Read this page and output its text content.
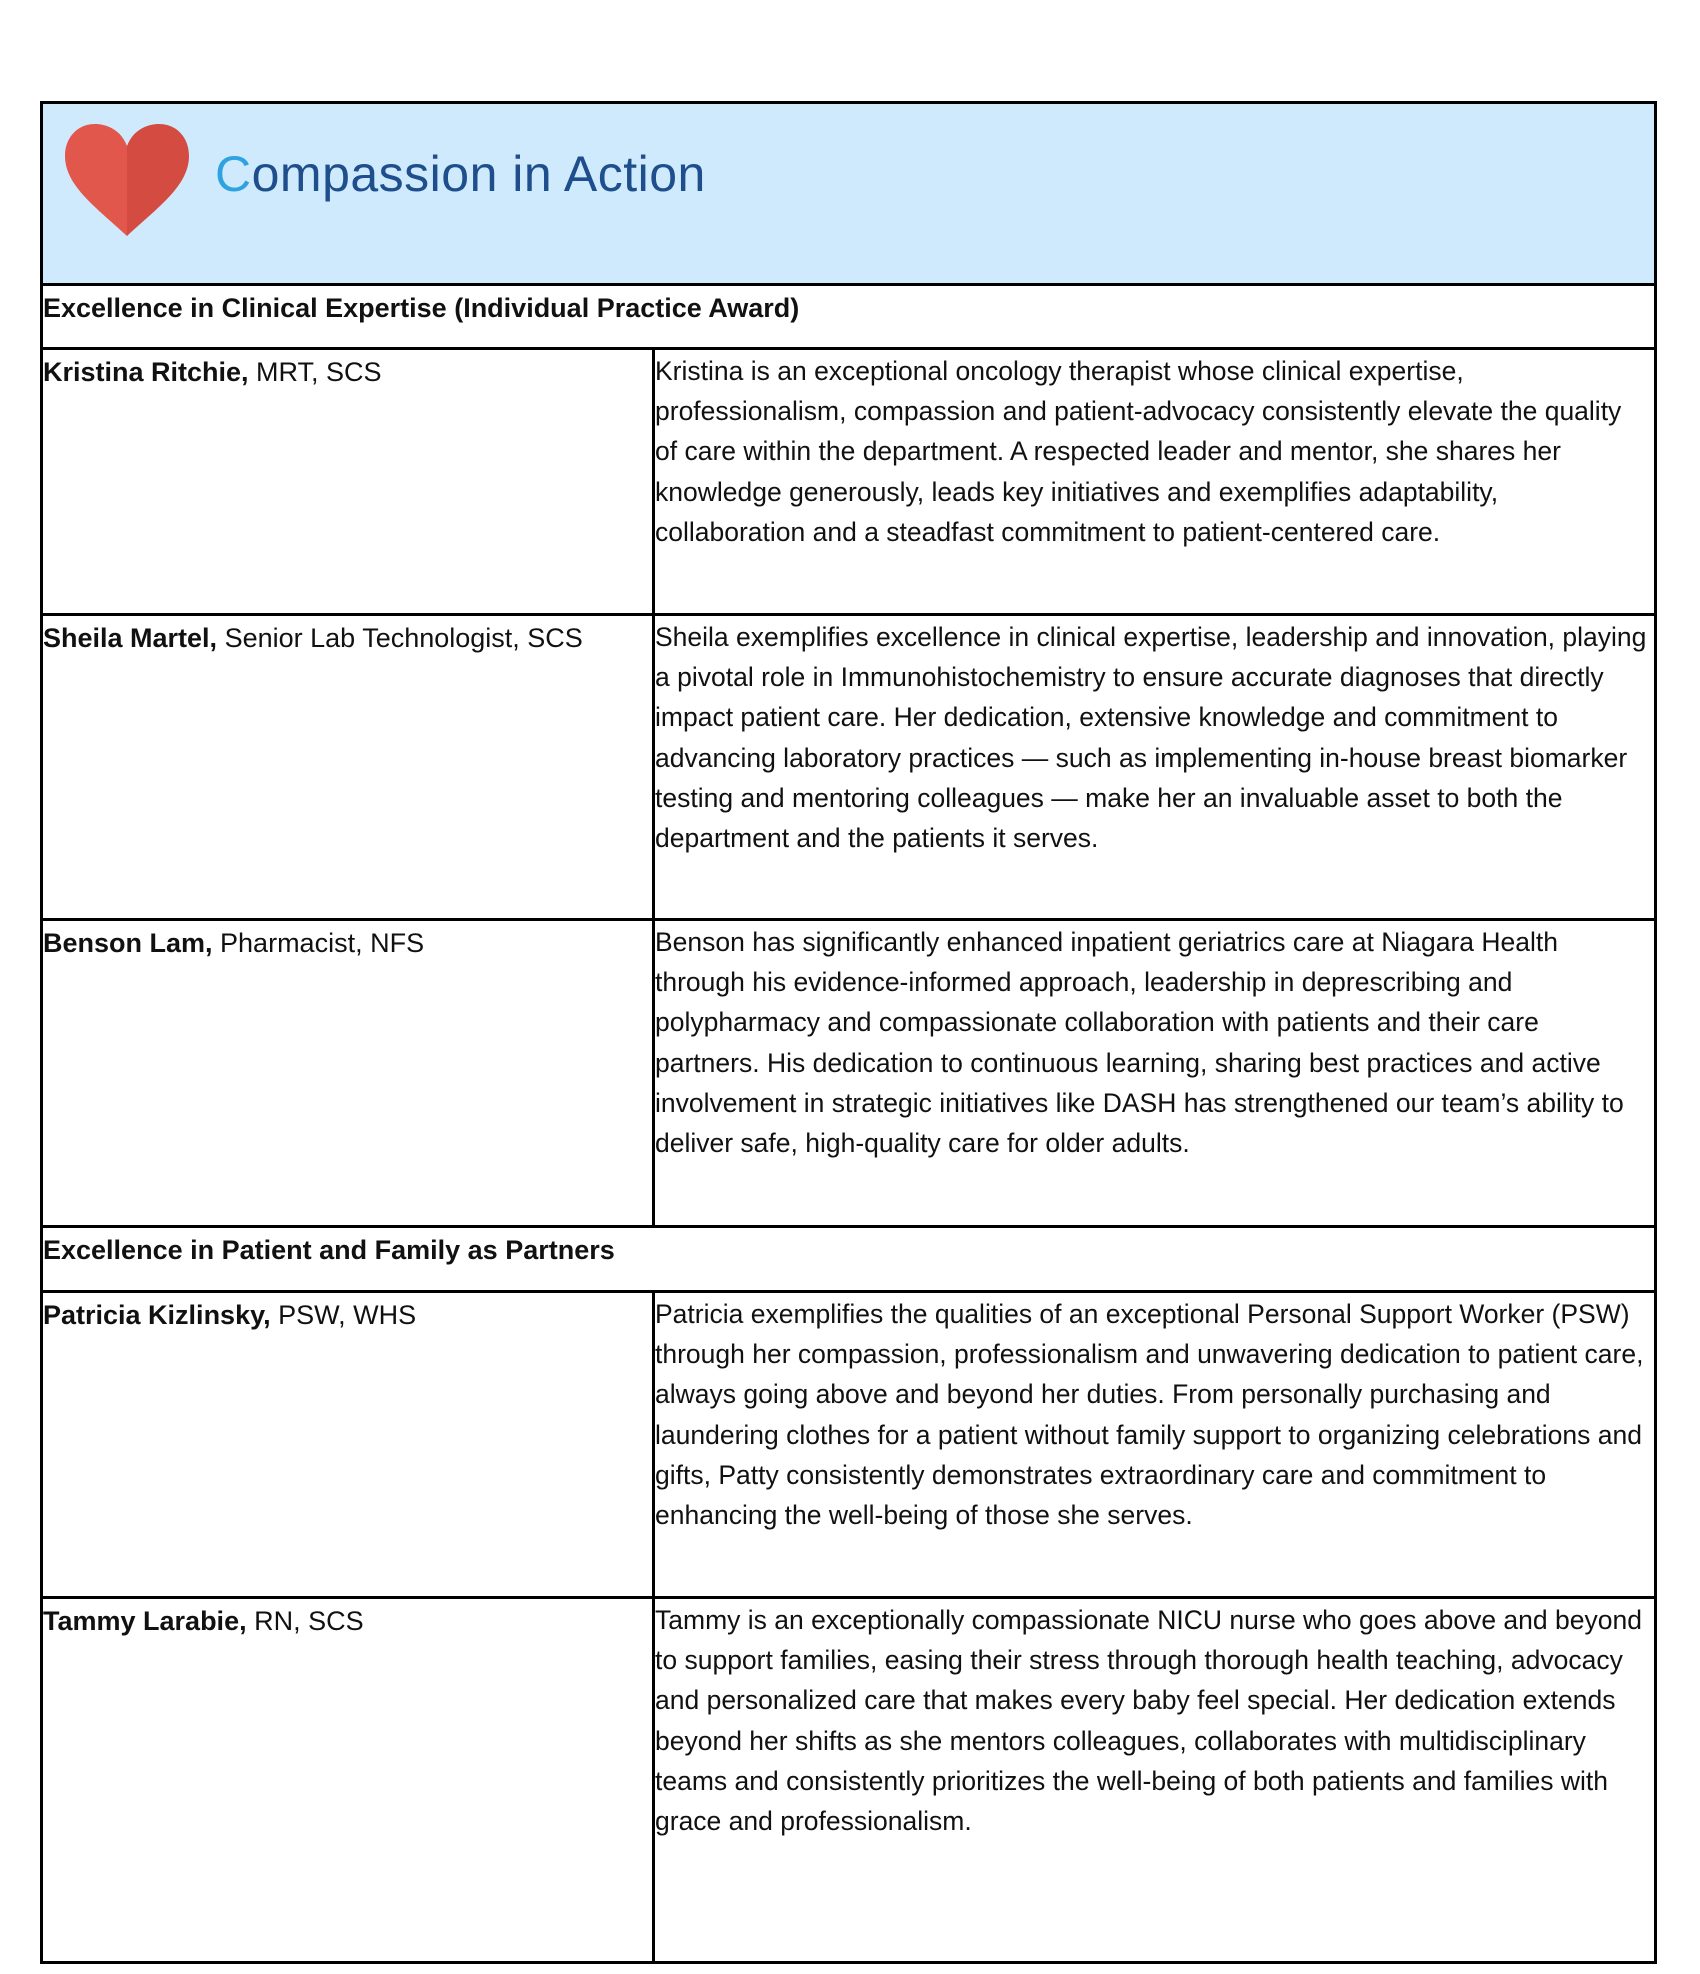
Compassion in Action
Excellence in Clinical Expertise (Individual Practice Award)
Kristina Ritchie, MRT, SCS	Kristina is an exceptional oncology therapist whose clinical expertise, professionalism, compassion and patient-advocacy consistently elevate the quality of care within the department. A respected leader and mentor, she shares her knowledge generously, leads key initiatives and exemplifies adaptability, collaboration and a steadfast commitment to patient-centered care.
Sheila Martel, Senior Lab Technologist, SCS	Sheila exemplifies excellence in clinical expertise, leadership and innovation, playing a pivotal role in Immunohistochemistry to ensure accurate diagnoses that directly impact patient care. Her dedication, extensive knowledge and commitment to advancing laboratory practices — such as implementing in-house breast biomarker testing and mentoring colleagues — make her an invaluable asset to both the department and the patients it serves.
Benson Lam, Pharmacist, NFS	Benson has significantly enhanced inpatient geriatrics care at Niagara Health through his evidence-informed approach, leadership in deprescribing and polypharmacy and compassionate collaboration with patients and their care partners. His dedication to continuous learning, sharing best practices and active involvement in strategic initiatives like DASH has strengthened our team’s ability to deliver safe, high-quality care for older adults.
Excellence in Patient and Family as Partners
Patricia Kizlinsky, PSW, WHS	Patricia exemplifies the qualities of an exceptional Personal Support Worker (PSW) through her compassion, professionalism and unwavering dedication to patient care, always going above and beyond her duties. From personally purchasing and laundering clothes for a patient without family support to organizing celebrations and gifts, Patty consistently demonstrates extraordinary care and commitment to enhancing the well-being of those she serves.
Tammy Larabie, RN, SCS	Tammy is an exceptionally compassionate NICU nurse who goes above and beyond to support families, easing their stress through thorough health teaching, advocacy and personalized care that makes every baby feel special. Her dedication extends beyond her shifts as she mentors colleagues, collaborates with multidisciplinary teams and consistently prioritizes the well-being of both patients and families with grace and professionalism.
